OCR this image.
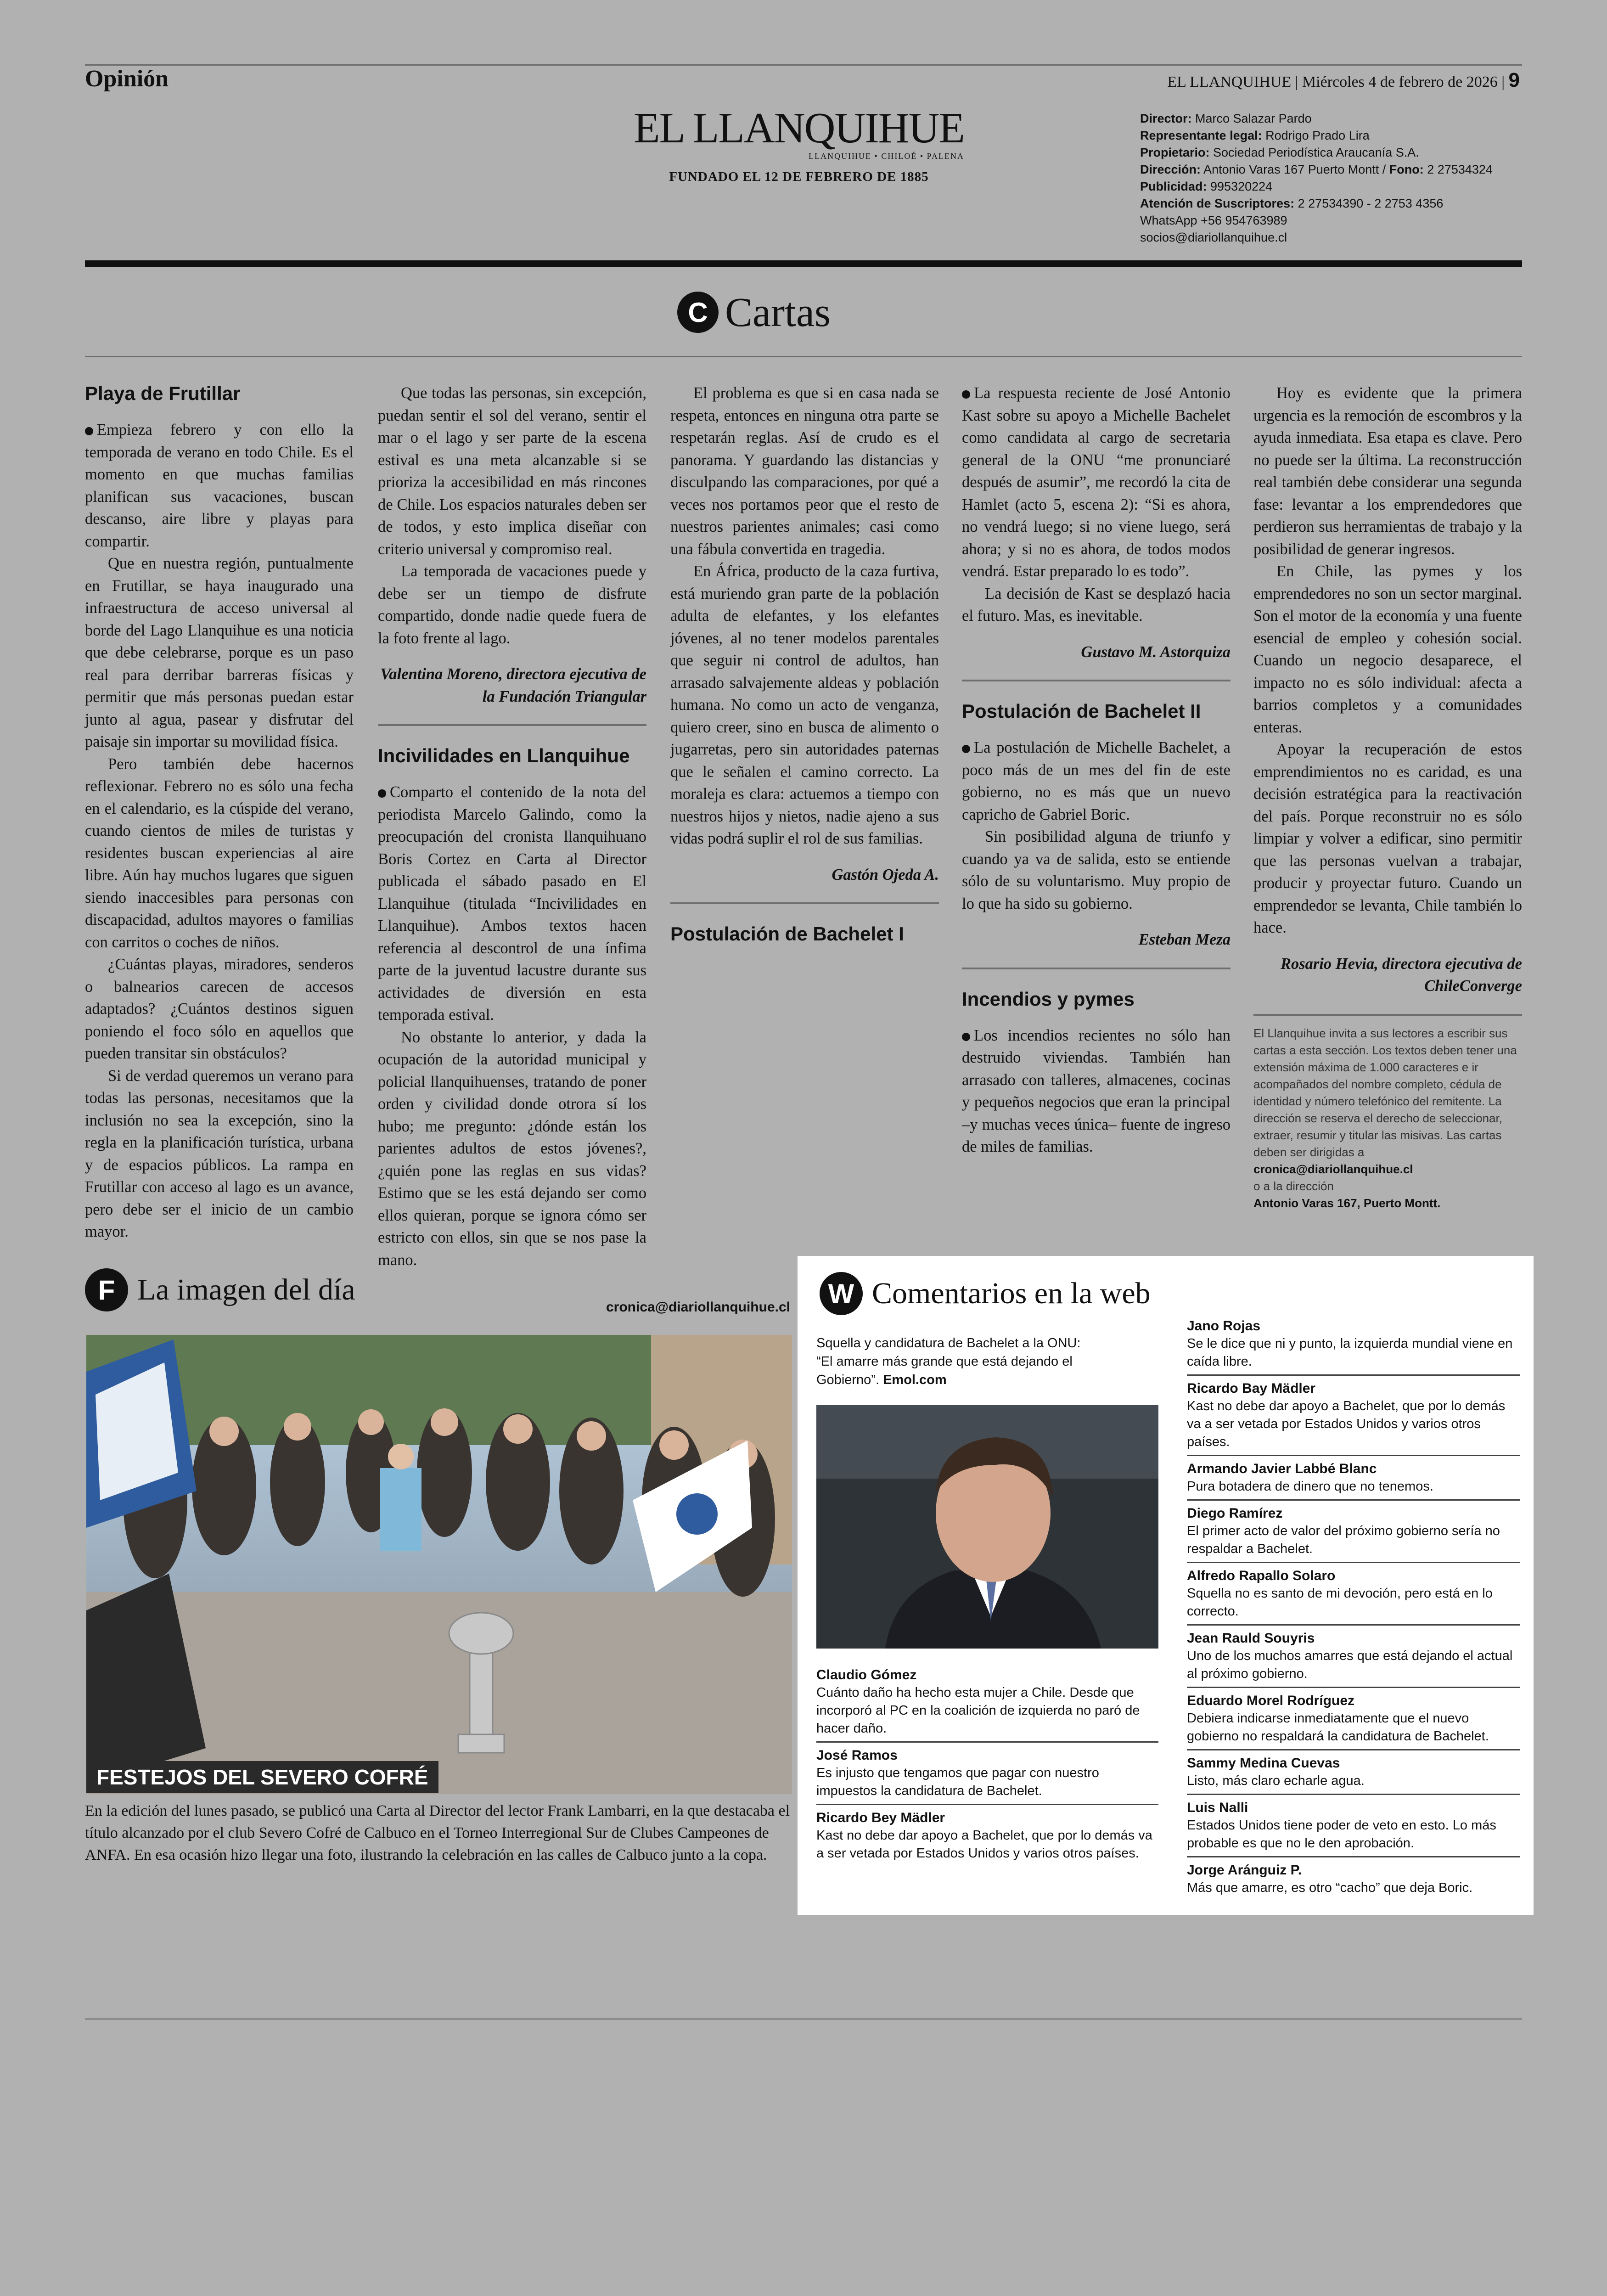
Opinión	EL LLANQUIHUE | Miércoles 4 de febrero de 2026 | 9
EL LLANQUIHUE
LLANQUIHUE • CHILOÉ • PALENA
FUNDADO EL 12 DE FEBRERO DE 1885
Director: Marco Salazar Pardo
Representante legal: Rodrigo Prado Lira
Propietario: Sociedad Periodística Araucanía S.A.
Dirección: Antonio Varas 167 Puerto Montt / Fono: 2 27534324
Publicidad: 995320224
Atención de Suscriptores: 2 27534390 - 2 2753 4356
WhatsApp +56 954763989
socios@diariollanquihue.cl
C Cartas
Playa de Frutillar

Empieza febrero y con ello la temporada de verano en todo Chile. Es el momento en que muchas familias planifican sus vacaciones, buscan descanso, aire libre y playas para compartir.

Que en nuestra región, puntualmente en Frutillar, se haya inaugurado una infraestructura de acceso universal al borde del Lago Llanquihue es una noticia que debe celebrarse, porque es un paso real para derribar barreras físicas y permitir que más personas puedan estar junto al agua, pasear y disfrutar del paisaje sin importar su movilidad física.

Pero también debe hacernos reflexionar. Febrero no es sólo una fecha en el calendario, es la cúspide del verano, cuando cientos de miles de turistas y residentes buscan experiencias al aire libre. Aún hay muchos lugares que siguen siendo inaccesibles para personas con discapacidad, adultos mayores o familias con carritos o coches de niños.

¿Cuántas playas, miradores, senderos o balnearios carecen de accesos adaptados? ¿Cuántos destinos siguen poniendo el foco sólo en aquellos que pueden transitar sin obstáculos?

Si de verdad queremos un verano para todas las personas, necesitamos que la inclusión no sea la excepción, sino la regla en la planificación turística, urbana y de espacios públicos. La rampa en Frutillar con acceso al lago es un avance, pero debe ser el inicio de un cambio mayor.

Que todas las personas, sin excepción, puedan sentir el sol del verano, sentir el mar o el lago y ser parte de la escena estival es una meta alcanzable si se prioriza la accesibilidad en más rincones de Chile. Los espacios naturales deben ser de todos, y esto implica diseñar con criterio universal y compromiso real.

La temporada de vacaciones puede y debe ser un tiempo de disfrute compartido, donde nadie quede fuera de la foto frente al lago.

Valentina Moreno, directora ejecutiva de la Fundación Triangular

Incivilidades en Llanquihue

Comparto el contenido de la nota del periodista Marcelo Galindo, como la preocupación del cronista llanquihuano Boris Cortez en Carta al Director publicada el sábado pasado en El Llanquihue (titulada “Incivilidades en Llanquihue). Ambos textos hacen referencia al descontrol de una ínfima parte de la juventud lacustre durante sus actividades de diversión en esta temporada estival.

No obstante lo anterior, y dada la ocupación de la autoridad municipal y policial llanquihuenses, tratando de poner orden y civilidad donde otrora sí los hubo; me pregunto: ¿dónde están los parientes adultos de estos jóvenes?, ¿quién pone las reglas en sus vidas? Estimo que se les está dejando ser como ellos quieran, porque se ignora cómo ser estricto con ellos, sin que se nos pase la mano.

El problema es que si en casa nada se respeta, entonces en ninguna otra parte se respetarán reglas. Así de crudo es el panorama. Y guardando las distancias y disculpando las comparaciones, por qué a veces nos portamos peor que el resto de nuestros parientes animales; casi como una fábula convertida en tragedia.

En África, producto de la caza furtiva, está muriendo gran parte de la población adulta de elefantes, y los elefantes jóvenes, al no tener modelos parentales que seguir ni control de adultos, han arrasado salvajemente aldeas y población humana. No como un acto de venganza, quiero creer, sino en busca de alimento o jugarretas, pero sin autoridades paternas que le señalen el camino correcto. La moraleja es clara: actuemos a tiempo con nuestros hijos y nietos, nadie ajeno a sus vidas podrá suplir el rol de sus familias.

Gastón Ojeda A.

Postulación de Bachelet I

La respuesta reciente de José Antonio Kast sobre su apoyo a Michelle Bachelet como candidata al cargo de secretaria general de la ONU “me pronunciaré después de asumir”, me recordó la cita de Hamlet (acto 5, escena 2): “Si es ahora, no vendrá luego; si no viene luego, será ahora; y si no es ahora, de todos modos vendrá. Estar preparado lo es todo”.

La decisión de Kast se desplazó hacia el futuro. Mas, es inevitable.

Gustavo M. Astorquiza

Postulación de Bachelet II

La postulación de Michelle Bachelet, a poco más de un mes del fin de este gobierno, no es más que un nuevo capricho de Gabriel Boric.

Sin posibilidad alguna de triunfo y cuando ya va de salida, esto se entiende sólo de su voluntarismo. Muy propio de lo que ha sido su gobierno.

Esteban Meza

Incendios y pymes

Los incendios recientes no sólo han destruido viviendas. También han arrasado con talleres, almacenes, cocinas y pequeños negocios que eran la principal –y muchas veces única– fuente de ingreso de miles de familias.

Hoy es evidente que la primera urgencia es la remoción de escombros y la ayuda inmediata. Esa etapa es clave. Pero no puede ser la última. La reconstrucción real también debe considerar una segunda fase: levantar a los emprendedores que perdieron sus herramientas de trabajo y la posibilidad de generar ingresos.

En Chile, las pymes y los emprendedores no son un sector marginal. Son el motor de la economía y una fuente esencial de empleo y cohesión social. Cuando un negocio desaparece, el impacto no es sólo individual: afecta a barrios completos y a comunidades enteras.

Apoyar la recuperación de estos emprendimientos no es caridad, es una decisión estratégica para la reactivación del país. Porque reconstruir no es sólo limpiar y volver a edificar, sino permitir que las personas vuelvan a trabajar, producir y proyectar futuro. Cuando un emprendedor se levanta, Chile también lo hace.

Rosario Hevia, directora ejecutiva de ChileConverge

El Llanquihue invita a sus lectores a escribir sus cartas a esta sección. Los textos deben tener una extensión máxima de 1.000 caracteres e ir acompañados del nombre completo, cédula de identidad y número telefónico del remitente. La dirección se reserva el derecho de seleccionar, extraer, resumir y titular las misivas. Las cartas deben ser dirigidas a
cronica@diariollanquihue.cl
o a la dirección
Antonio Varas 167, Puerto Montt.
F La imagen del día
cronica@diariollanquihue.cl
FESTEJOS DEL SEVERO COFRÉ
En la edición del lunes pasado, se publicó una Carta al Director del lector Frank Lambarri, en la que destacaba el título alcanzado por el club Severo Cofré de Calbuco en el Torneo Interregional Sur de Clubes Campeones de ANFA. En esa ocasión hizo llegar una foto, ilustrando la celebración en las calles de Calbuco junto a la copa.
W Comentarios en la web
Squella y candidatura de Bachelet a la ONU: “El amarre más grande que está dejando el Gobierno”. Emol.com
Claudio Gómez
Cuánto daño ha hecho esta mujer a Chile. Desde que incorporó al PC en la coalición de izquierda no paró de hacer daño.
José Ramos
Es injusto que tengamos que pagar con nuestro impuestos la candidatura de Bachelet.
Ricardo Bey Mädler
Kast no debe dar apoyo a Bachelet, que por lo demás va a ser vetada por Estados Unidos y varios otros países.
Jano Rojas
Se le dice que ni y punto, la izquierda mundial viene en caída libre.
Ricardo Bay Mädler
Kast no debe dar apoyo a Bachelet, que por lo demás va a ser vetada por Estados Unidos y varios otros países.
Armando Javier Labbé Blanc
Pura botadera de dinero que no tenemos.
Diego Ramírez
El primer acto de valor del próximo gobierno sería no respaldar a Bachelet.
Alfredo Rapallo Solaro
Squella no es santo de mi devoción, pero está en lo correcto.
Jean Rauld Souyris
Uno de los muchos amarres que está dejando el actual al próximo gobierno.
Eduardo Morel Rodríguez
Debiera indicarse inmediatamente que el nuevo gobierno no respaldará la candidatura de Bachelet.
Sammy Medina Cuevas
Listo, más claro echarle agua.
Luis Nalli
Estados Unidos tiene poder de veto en esto. Lo más probable es que no le den aprobación.
Jorge Aránguiz P.
Más que amarre, es otro “cacho” que deja Boric.
